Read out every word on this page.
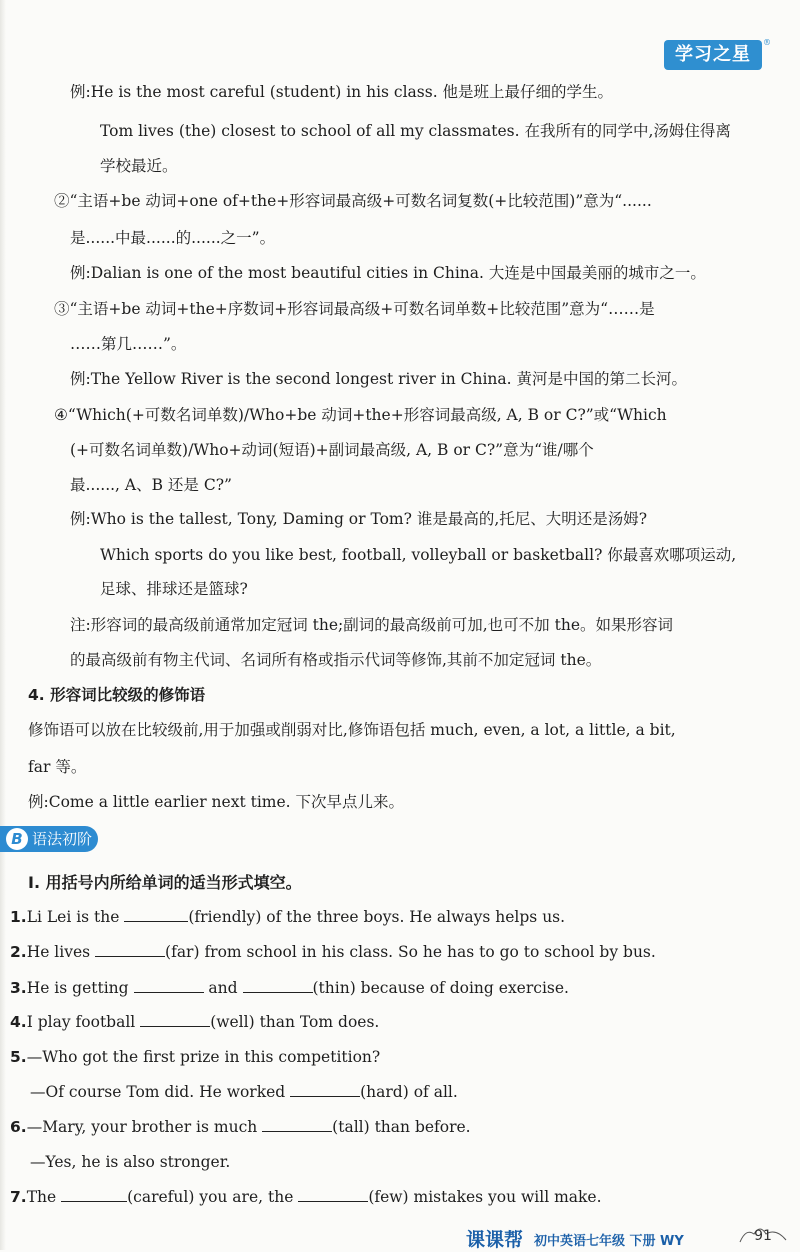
学习之星
®
例:He is the most careful (student) in his class. 他是班上最仔细的学生。
Tom lives (the) closest to school of all my classmates. 在我所有的同学中,汤姆住得离
学校最近。
②“主语+be 动词+one of+the+形容词最高级+可数名词复数(+比较范围)”意为“......
是......中最......的......之一”。
例:Dalian is one of the most beautiful cities in China. 大连是中国最美丽的城市之一。
③“主语+be 动词+the+序数词+形容词最高级+可数名词单数+比较范围”意为“……是
……第几……”。
例:The Yellow River is the second longest river in China. 黄河是中国的第二长河。
④“Which(+可数名词单数)/Who+be 动词+the+形容词最高级, A, B or C?”或“Which
(+可数名词单数)/Who+动词(短语)+副词最高级, A, B or C?”意为“谁/哪个
最......, A、B 还是 C?”
例:Who is the tallest, Tony, Daming or Tom? 谁是最高的,托尼、大明还是汤姆?
Which sports do you like best, football, volleyball or basketball? 你最喜欢哪项运动,
足球、排球还是篮球?
注:形容词的最高级前通常加定冠词 the;副词的最高级前可加,也可不加 the。如果形容词
的最高级前有物主代词、名词所有格或指示代词等修饰,其前不加定冠词 the。
4. 形容词比较级的修饰语
修饰语可以放在比较级前,用于加强或削弱对比,修饰语包括 much, even, a lot, a little, a bit,
far 等。
例:Come a little earlier next time. 下次早点儿来。
B 语法初阶
Ⅰ. 用括号内所给单词的适当形式填空。
1.Li Lei is the	(friendly) of the three boys. He always helps us.
2.He lives	(far) from school in his class. So he has to go to school by bus.
3.He is getting	and	(thin) because of doing exercise.
4.I play football	(well) than Tom does.
5.—Who got the first prize in this competition?
—Of course Tom did. He worked	(hard) of all.
6.—Mary, your brother is much	(tall) than before.
—Yes, he is also stronger.
7.The	(careful) you are, the	(few) mistakes you will make.
课课帮 初中英语七年级 下册 WY	91
